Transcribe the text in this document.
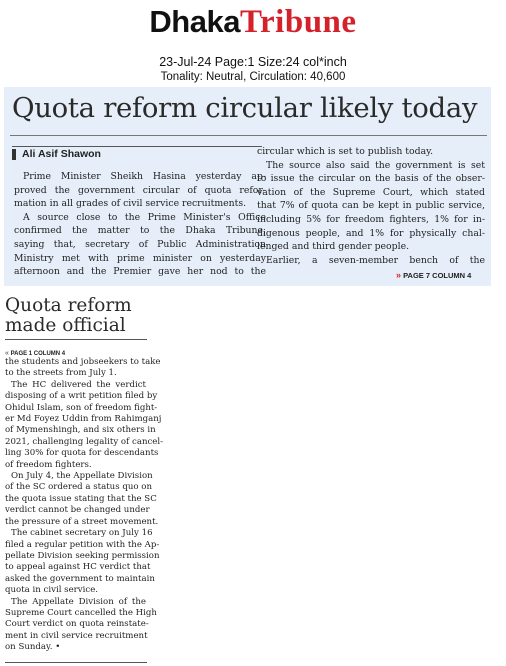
DhakaTribune
23-Jul-24 Page:1 Size:24 col*inch
Tonality: Neutral, Circulation: 40,600
Quota reform circular likely today
Ali Asif Shawon
Prime Minister Sheikh Hasina yesterday ap-
proved the government circular of quota refor-
mation in all grades of civil service recruitments.
A source close to the Prime Minister's Office
confirmed the matter to the Dhaka Tribune,
saying that, secretary of Public Administration
Ministry met with prime minister on yesterday
afternoon and the Premier gave her nod to the
circular which is set to publish today.
The source also said the government is set
to issue the circular on the basis of the obser-
vation of the Supreme Court, which stated
that 7% of quota can be kept in public service,
including 5% for freedom fighters, 1% for in-
digenous people, and 1% for physically chal-
lenged and third gender people.
Earlier, a seven-member bench of the
» PAGE 7 COLUMN 4
Quota reform
made official
« PAGE 1 COLUMN 4
the students and jobseekers to take
to the streets from July 1.
The HC delivered the verdict
disposing of a writ petition filed by
Ohidul Islam, son of freedom fight-
er Md Foyez Uddin from Rahimganj
of Mymenshingh, and six others in
2021, challenging legality of cancel-
ling 30% for quota for descendants
of freedom fighters.
On July 4, the Appellate Division
of the SC ordered a status quo on
the quota issue stating that the SC
verdict cannot be changed under
the pressure of a street movement.
The cabinet secretary on July 16
filed a regular petition with the Ap-
pellate Division seeking permission
to appeal against HC verdict that
asked the government to maintain
quota in civil service.
The Appellate Division of the
Supreme Court cancelled the High
Court verdict on quota reinstate-
ment in civil service recruitment
on Sunday. •
